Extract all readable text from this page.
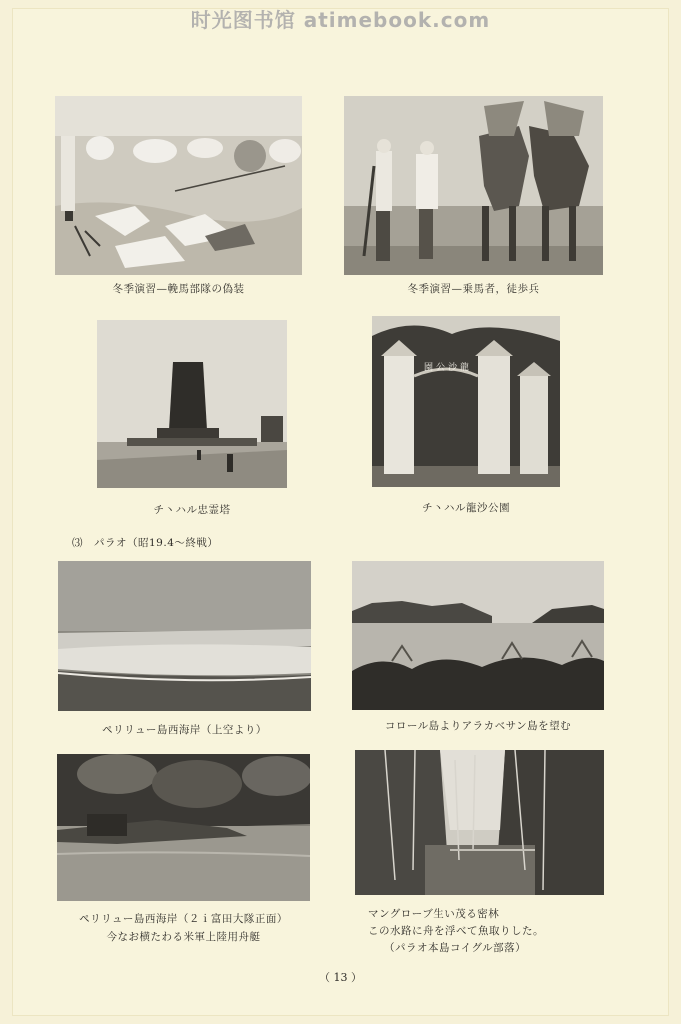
时光图书馆 atimebook.com
冬季演習—輓馬部隊の偽装	冬季演習—乗馬者，徒歩兵
チ丶ハル忠霊塔
園公沙龍
チ丶ハル龍沙公園
⑶　パラオ（昭19.4～終戦）
ペリリュー島西海岸（上空より）	コロール島よりアラカベサン島を望む
ペリリュー島西海岸（２ｉ富田大隊正面）
今なお横たわる米軍上陸用舟艇
マングローブ生い茂る密林
この水路に舟を浮べて魚取りした。
（パラオ本島コイグル部落）
（ 13 ）
